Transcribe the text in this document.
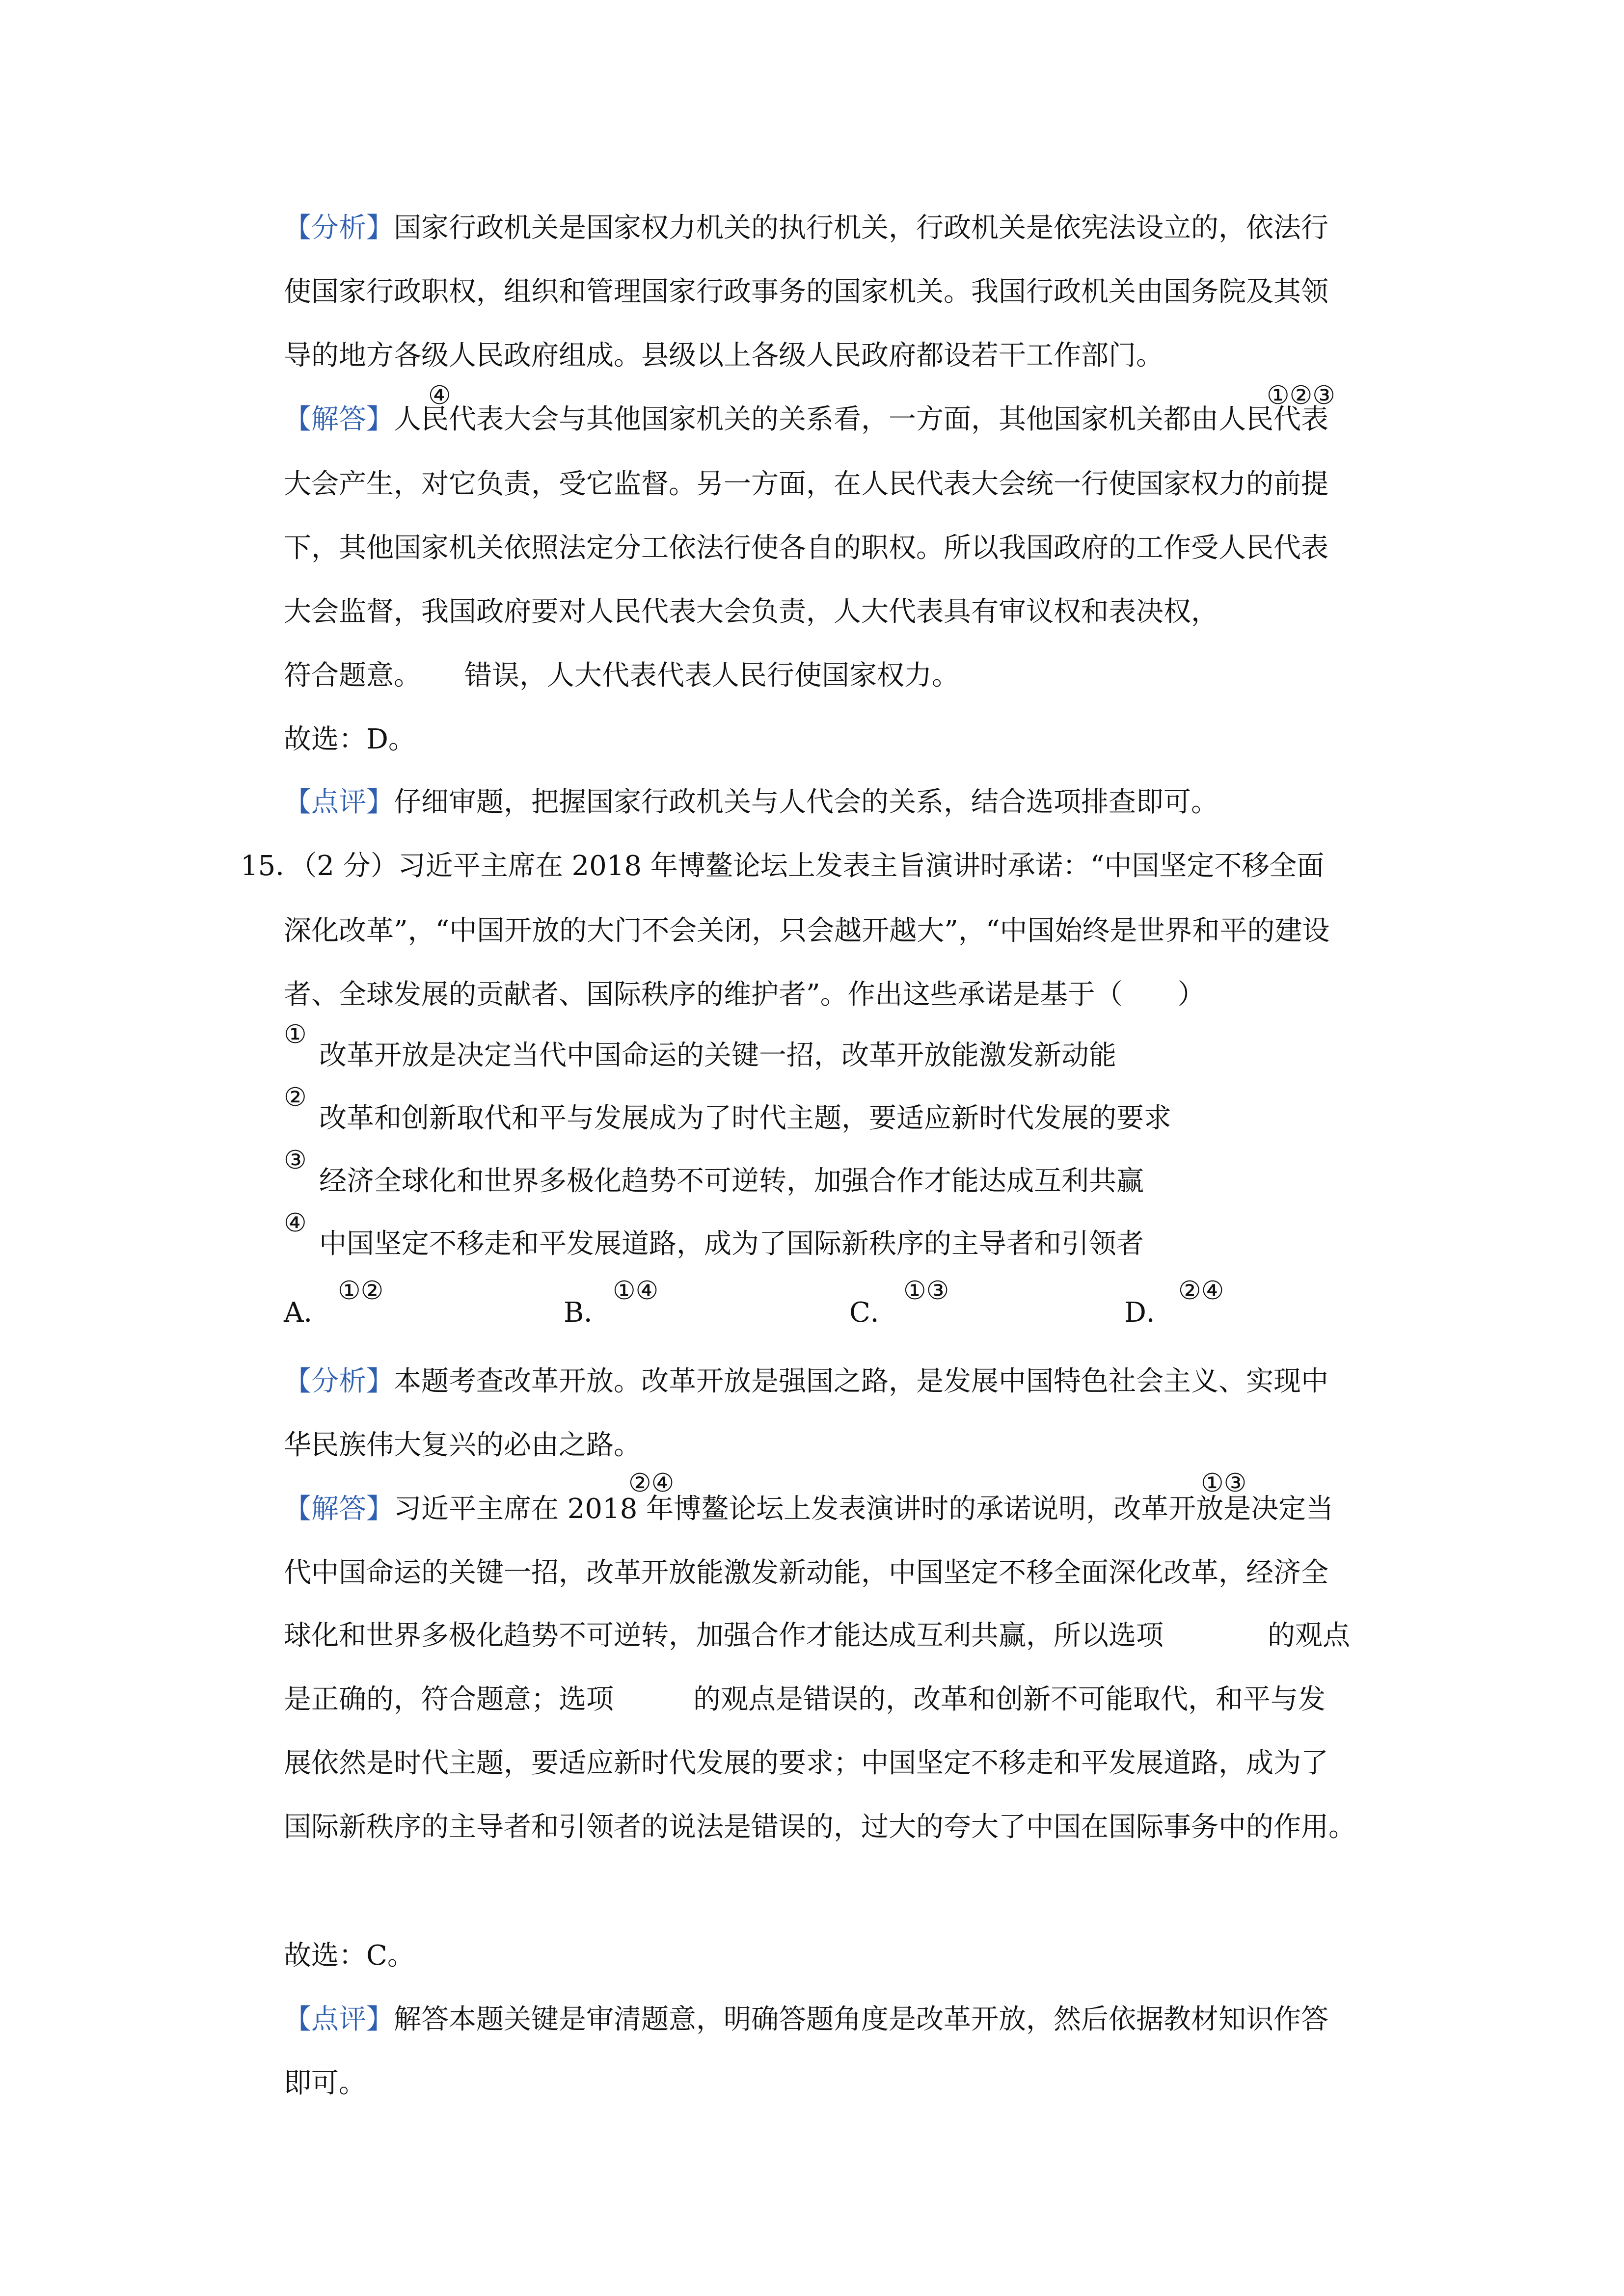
【分析】国家行政机关是国家权力机关的执行机关，行政机关是依宪法设立的，依法行
使国家行政职权，组织和管理国家行政事务的国家机关。我国行政机关由国务院及其领
导的地方各级人民政府组成。县级以上各级人民政府都设若干工作部门。
④	①②③
【解答】人民代表大会与其他国家机关的关系看，一方面，其他国家机关都由人民代表
大会产生，对它负责，受它监督。另一方面，在人民代表大会统一行使国家权力的前提
下，其他国家机关依照法定分工依法行使各自的职权。所以我国政府的工作受人民代表
大会监督，我国政府要对人民代表大会负责，人大代表具有审议权和表决权，
符合题意。 错误，人大代表代表人民行使国家权力。
故选：D。
【点评】仔细审题，把握国家行政机关与人代会的关系，结合选项排查即可。
15．（2 分）习近平主席在 2018 年博鳌论坛上发表主旨演讲时承诺：“中国坚定不移全面
深化改革”，“中国开放的大门不会关闭，只会越开越大”，“中国始终是世界和平的建设
者、全球发展的贡献者、国际秩序的维护者”。作出这些承诺是基于（　　）
①
改革开放是决定当代中国命运的关键一招，改革开放能激发新动能
②
改革和创新取代和平与发展成为了时代主题，要适应新时代发展的要求
③
经济全球化和世界多极化趋势不可逆转，加强合作才能达成互利共赢
④
中国坚定不移走和平发展道路，成为了国际新秩序的主导者和引领者
A．
①②
B．
①④
C．
①③
D．
②④
【分析】本题考查改革开放。改革开放是强国之路，是发展中国特色社会主义、实现中
华民族伟大复兴的必由之路。
②④	①③
【解答】习近平主席在 2018 年博鳌论坛上发表演讲时的承诺说明，改革开放是决定当
代中国命运的关键一招，改革开放能激发新动能，中国坚定不移全面深化改革，经济全
球化和世界多极化趋势不可逆转，加强合作才能达成互利共赢，所以选项	的观点
是正确的，符合题意；选项	的观点是错误的，改革和创新不可能取代，和平与发
展依然是时代主题，要适应新时代发展的要求；中国坚定不移走和平发展道路，成为了
国际新秩序的主导者和引领者的说法是错误的，过大的夸大了中国在国际事务中的作用。
故选：C。
【点评】解答本题关键是审清题意，明确答题角度是改革开放，然后依据教材知识作答
即可。
